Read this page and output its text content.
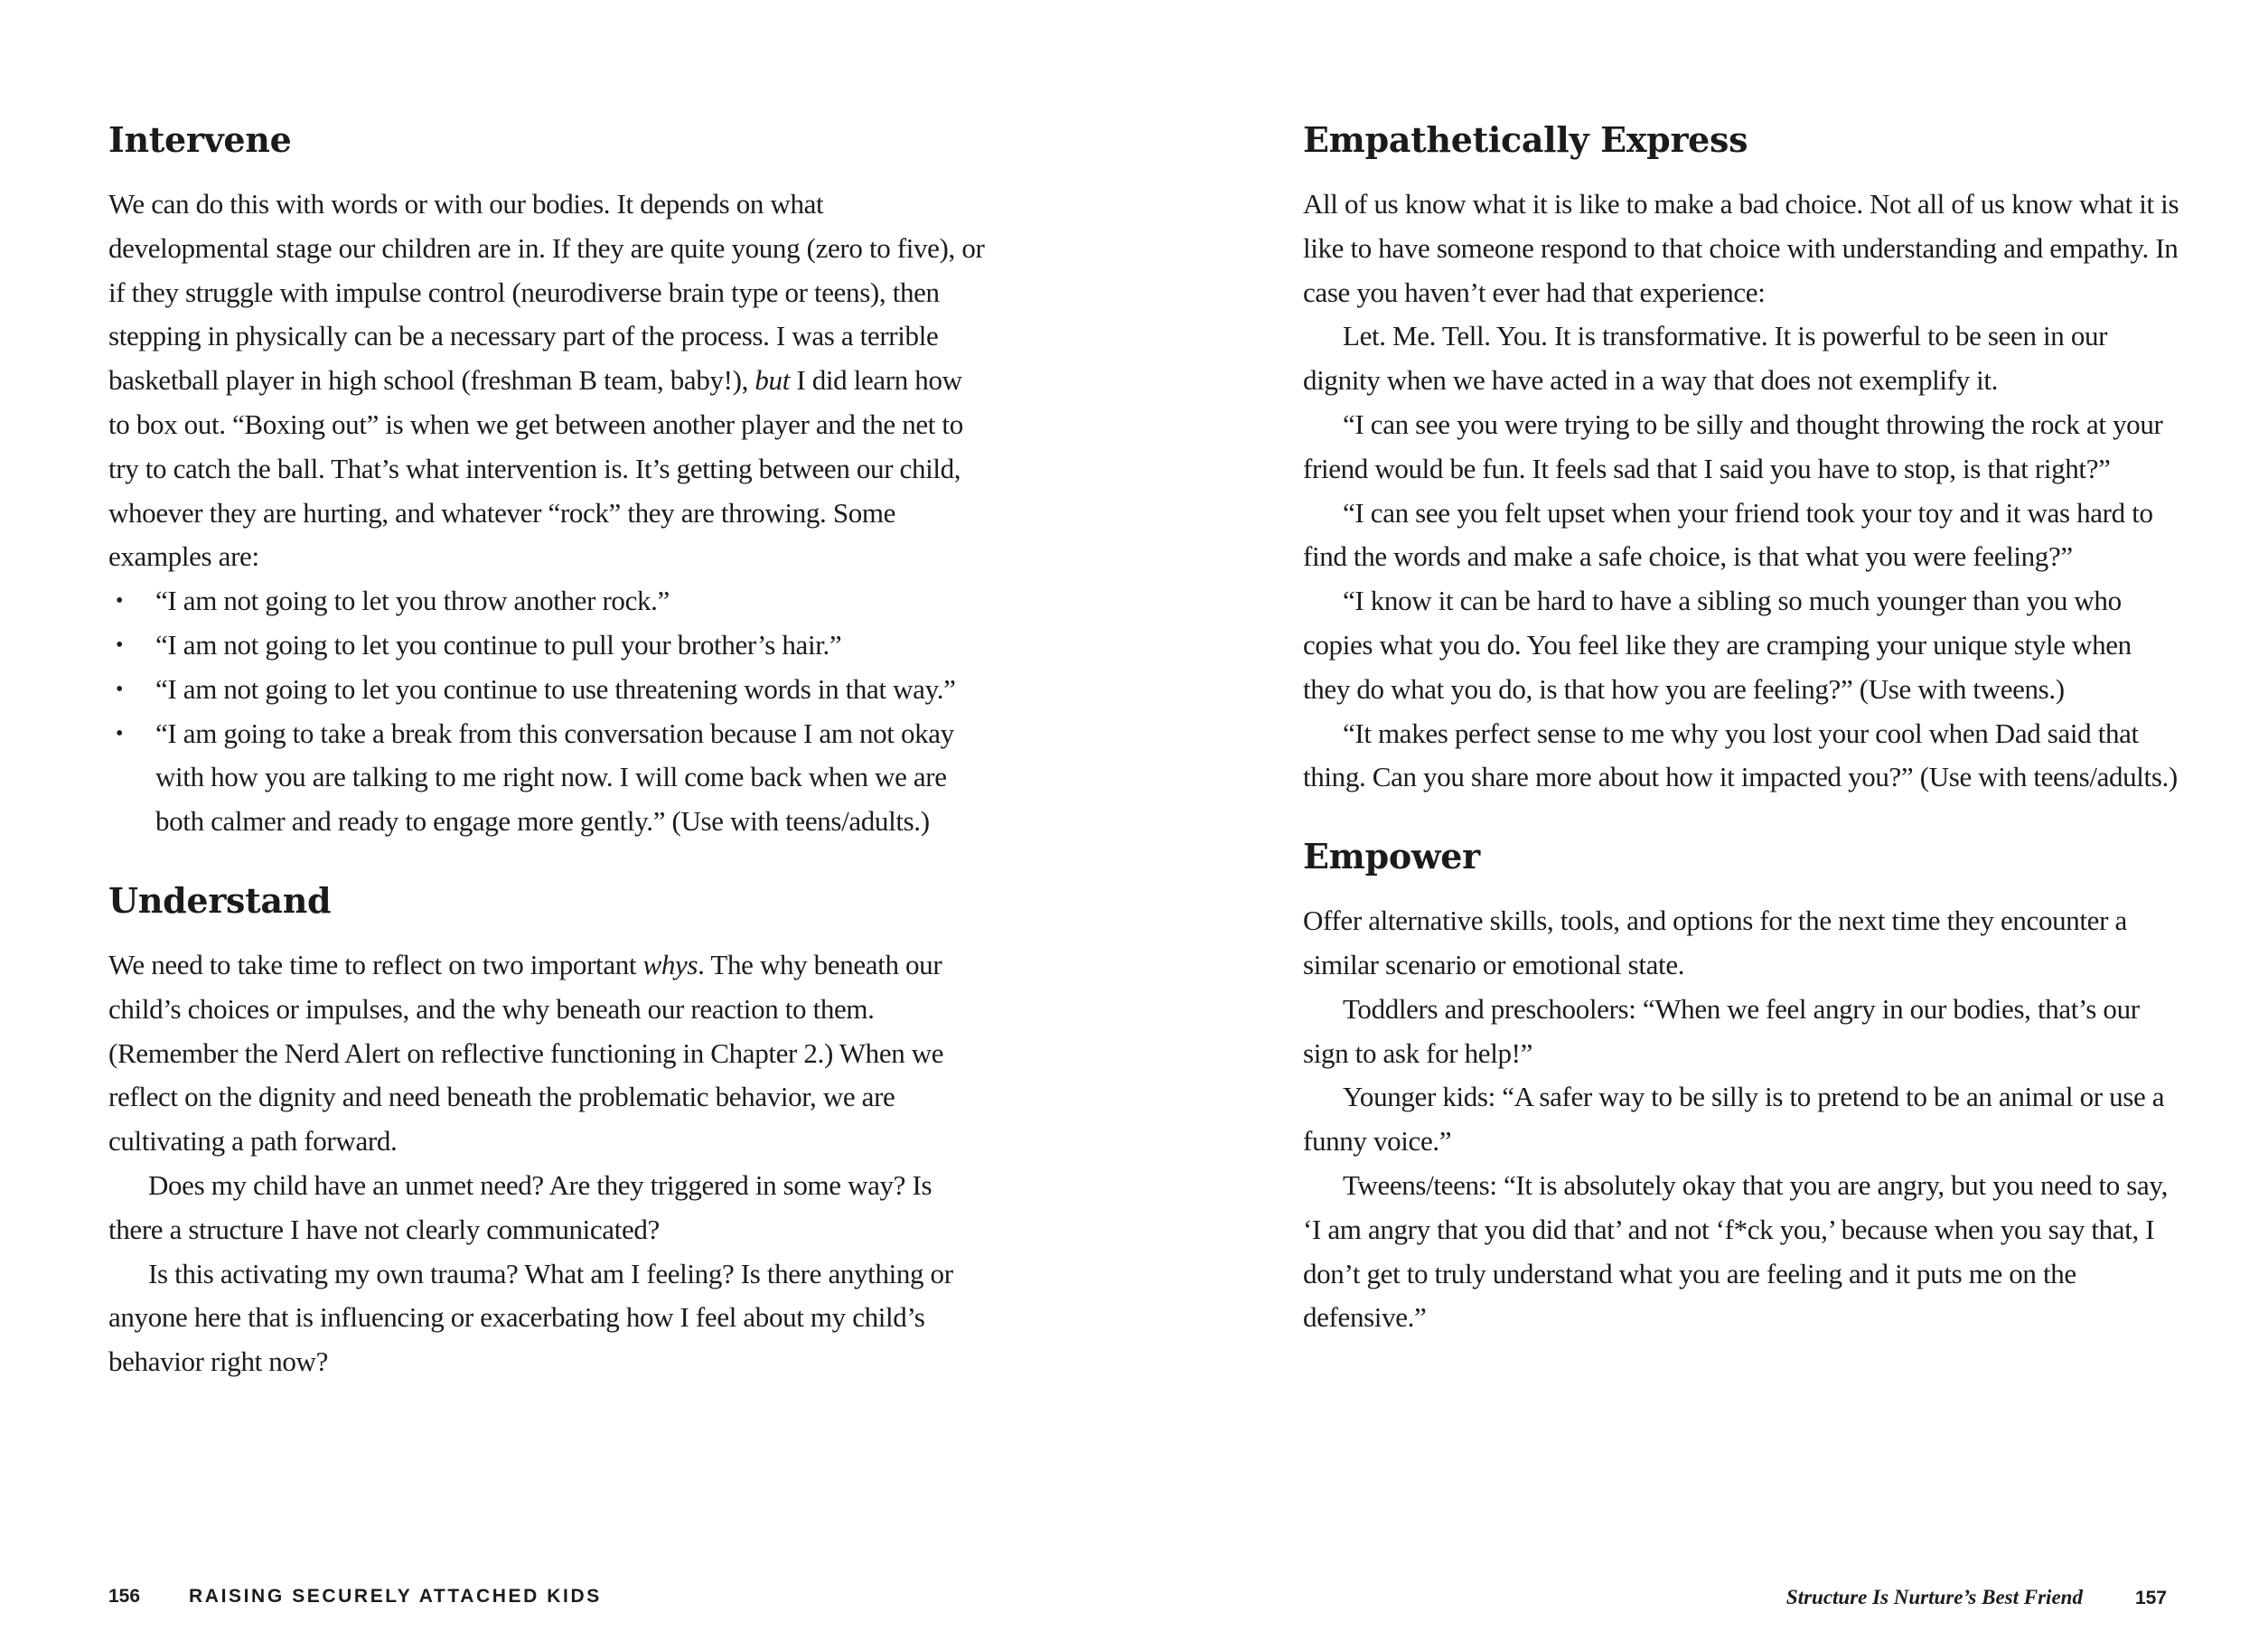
Intervene

We can do this with words or with our bodies. It depends on what developmental stage our children are in. If they are quite young (zero to five), or if they struggle with impulse control (neurodiverse brain type or teens), then stepping in physically can be a necessary part of the process. I was a terrible basketball player in high school (freshman B team, baby!), but I did learn how to box out. “Boxing out” is when we get between another player and the net to try to catch the ball. That’s what intervention is. It’s getting between our child, whoever they are hurting, and whatever “rock” they are throwing. Some examples are:

• “I am not going to let you throw another rock.”
• “I am not going to let you continue to pull your brother’s hair.”
• “I am not going to let you continue to use threatening words in that way.”
• “I am going to take a break from this conversation because I am not okay with how you are talking to me right now. I will come back when we are both calmer and ready to engage more gently.” (Use with teens/adults.)
Understand

We need to take time to reflect on two important whys. The why beneath our child’s choices or impulses, and the why beneath our reaction to them. (Remember the Nerd Alert on reflective functioning in Chapter 2.) When we reflect on the dignity and need beneath the problematic behavior, we are cultivating a path forward.

Does my child have an unmet need? Are they triggered in some way? Is there a structure I have not clearly communicated?

Is this activating my own trauma? What am I feeling? Is there anything or anyone here that is influencing or exacerbating how I feel about my child’s behavior right now?

156	RAISING SECURELY ATTACHED KIDS
Empathetically Express

All of us know what it is like to make a bad choice. Not all of us know what it is like to have someone respond to that choice with understanding and empathy. In case you haven’t ever had that experience:

Let. Me. Tell. You. It is transformative. It is powerful to be seen in our dignity when we have acted in a way that does not exemplify it.

“I can see you were trying to be silly and thought throwing the rock at your friend would be fun. It feels sad that I said you have to stop, is that right?”

“I can see you felt upset when your friend took your toy and it was hard to find the words and make a safe choice, is that what you were feeling?”

“I know it can be hard to have a sibling so much younger than you who copies what you do. You feel like they are cramping your unique style when they do what you do, is that how you are feeling?” (Use with tweens.)

“It makes perfect sense to me why you lost your cool when Dad said that thing. Can you share more about how it impacted you?” (Use with teens/adults.)

Empower

Offer alternative skills, tools, and options for the next time they encounter a similar scenario or emotional state.

Toddlers and preschoolers: “When we feel angry in our bodies, that’s our sign to ask for help!”

Younger kids: “A safer way to be silly is to pretend to be an animal or use a funny voice.”

Tweens/teens: “It is absolutely okay that you are angry, but you need to say, ‘I am angry that you did that’ and not ‘f*ck you,’ because when you say that, I don’t get to truly understand what you are feeling and it puts me on the defensive.”

Structure Is Nurture’s Best Friend	157
